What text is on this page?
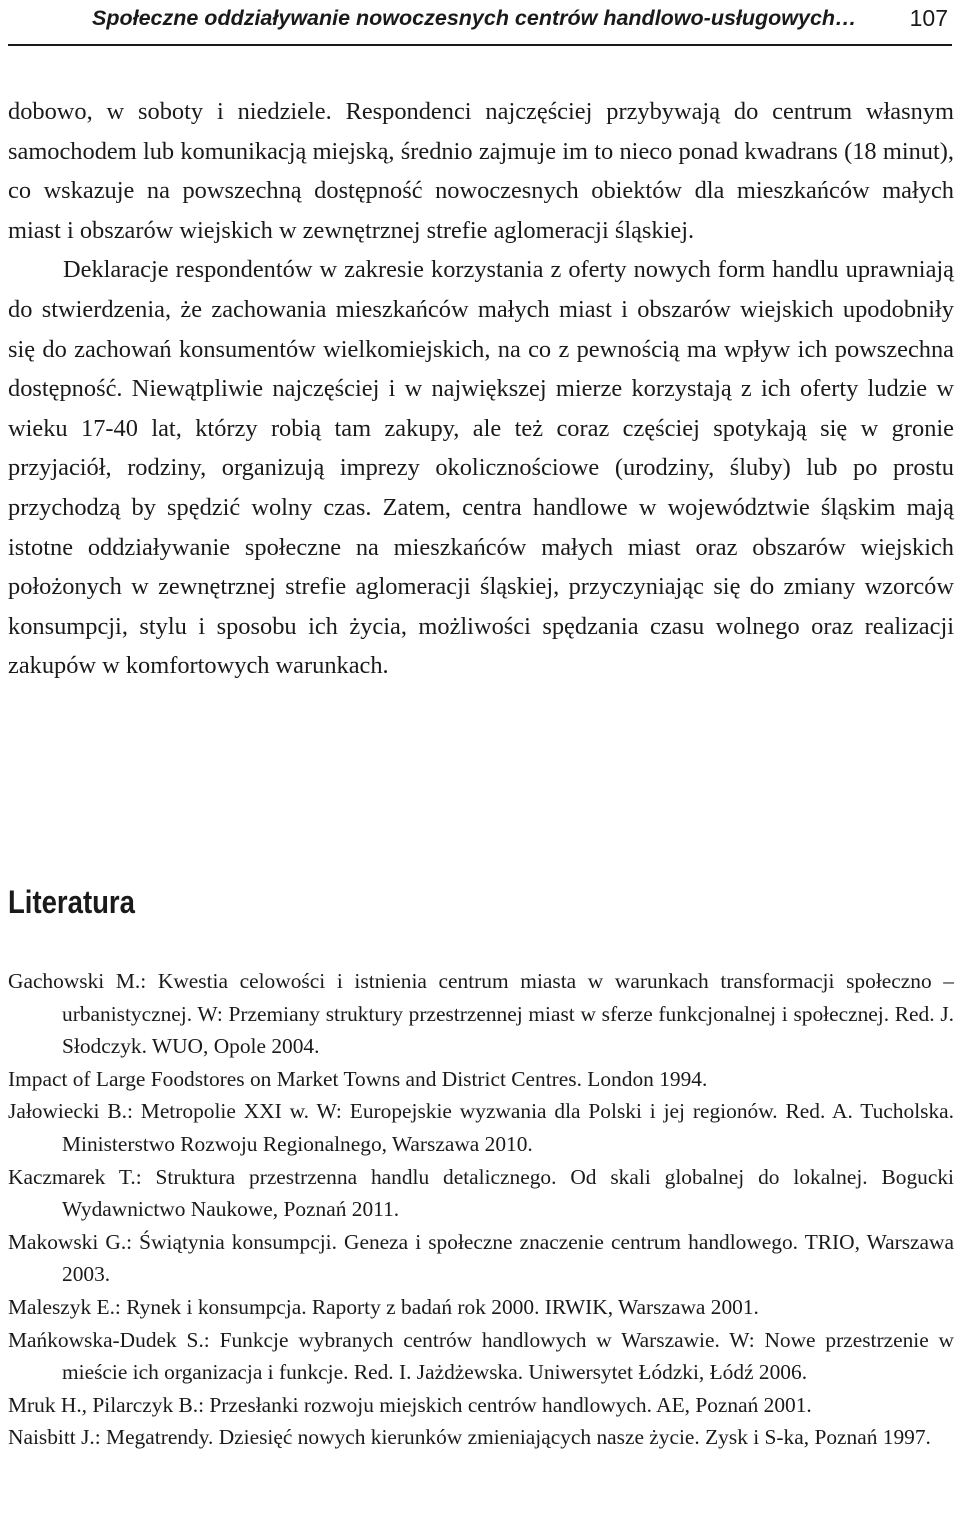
Społeczne oddziaływanie nowoczesnych centrów handlowo-usługowych… 107

dobowo, w soboty i niedziele. Respondenci najczęściej przybywają do centrum własnym samochodem lub komunikacją miejską, średnio zajmuje im to nieco ponad kwadrans (18 minut), co wskazuje na powszechną dostępność nowoczesnych obiektów dla mieszkańców małych miast i obszarów wiejskich w zewnętrznej strefie aglomeracji śląskiej.

Deklaracje respondentów w zakresie korzystania z oferty nowych form handlu uprawniają do stwierdzenia, że zachowania mieszkańców małych miast i obszarów wiejskich upodobniły się do zachowań konsumentów wielkomiejskich, na co z pewnością ma wpływ ich powszechna dostępność. Niewątpliwie najczęściej i w największej mierze korzystają z ich oferty ludzie w wieku 17-40 lat, którzy robią tam zakupy, ale też coraz częściej spotykają się w gronie przyjaciół, rodziny, organizują imprezy okolicznościowe (urodziny, śluby) lub po prostu przychodzą by spędzić wolny czas. Zatem, centra handlowe w województwie śląskim mają istotne oddziaływanie społeczne na mieszkańców małych miast oraz obszarów wiejskich położonych w zewnętrznej strefie aglomeracji śląskiej, przyczyniając się do zmiany wzorców konsumpcji, stylu i sposobu ich życia, możliwości spędzania czasu wolnego oraz realizacji zakupów w komfortowych warunkach.

Literatura
Gachowski M.: Kwestia celowości i istnienia centrum miasta w warunkach transformacji społeczno – urbanistycznej. W: Przemiany struktury przestrzennej miast w sferze funkcjonalnej i społecznej. Red. J. Słodczyk. WUO, Opole 2004.
Impact of Large Foodstores on Market Towns and District Centres. London 1994.
Jałowiecki B.: Metropolie XXI w. W: Europejskie wyzwania dla Polski i jej regionów. Red. A. Tucholska. Ministerstwo Rozwoju Regionalnego, Warszawa 2010.
Kaczmarek T.: Struktura przestrzenna handlu detalicznego. Od skali globalnej do lokalnej. Bogucki Wydawnictwo Naukowe, Poznań 2011.
Makowski G.: Świątynia konsumpcji. Geneza i społeczne znaczenie centrum handlowego. TRIO, Warszawa 2003.
Maleszyk E.: Rynek i konsumpcja. Raporty z badań rok 2000. IRWIK, Warszawa 2001.
Mańkowska-Dudek S.: Funkcje wybranych centrów handlowych w Warszawie. W: Nowe przestrzenie w mieście ich organizacja i funkcje. Red. I. Jażdżewska. Uniwersytet Łódzki, Łódź 2006.
Mruk H., Pilarczyk B.: Przesłanki rozwoju miejskich centrów handlowych. AE, Poznań 2001.
Naisbitt J.: Megatrendy. Dziesięć nowych kierunków zmieniających nasze życie. Zysk i S-ka, Poznań 1997.
